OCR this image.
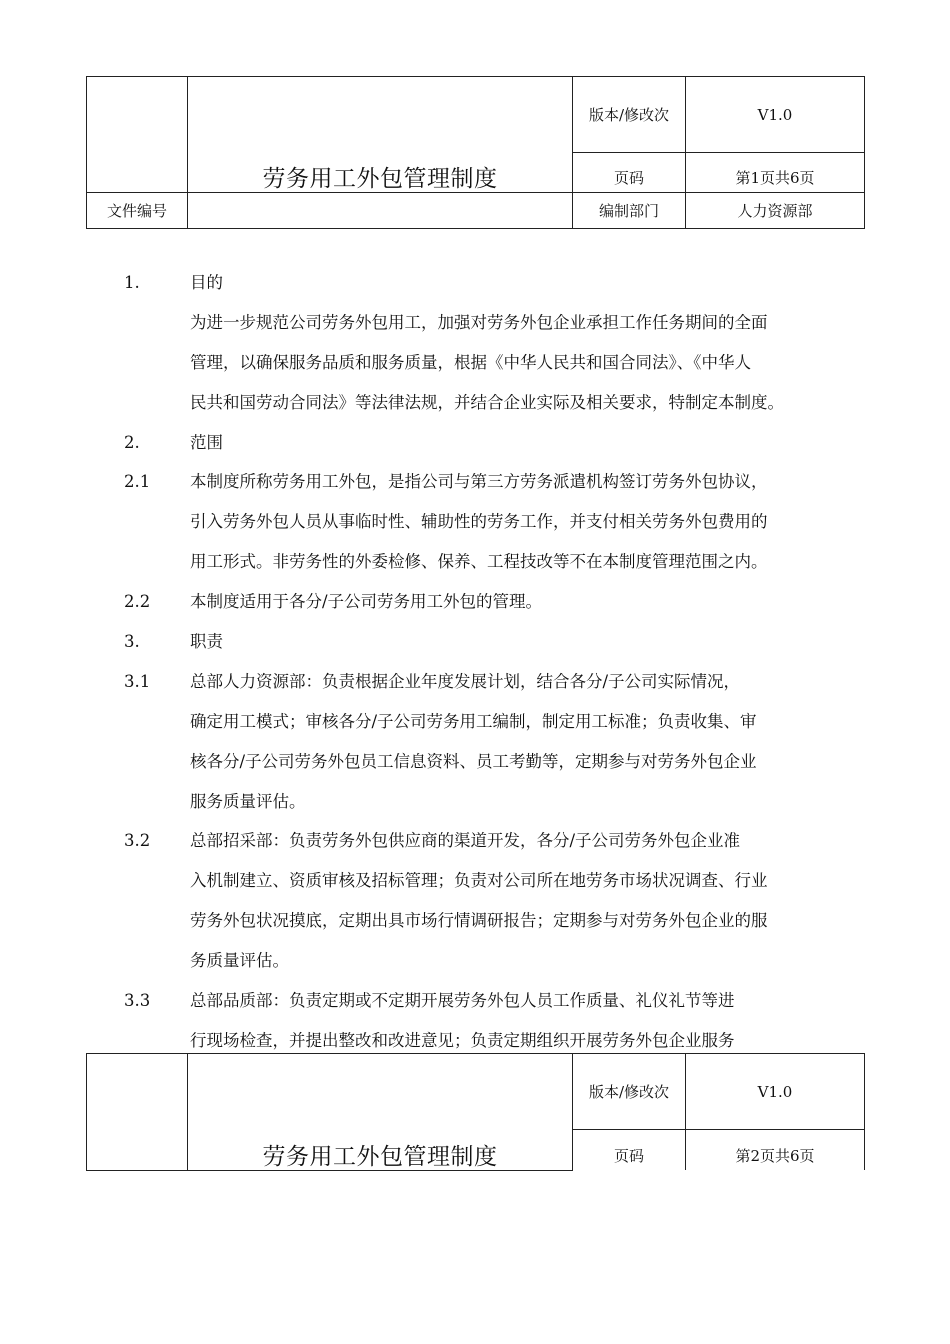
	劳务用工外包管理制度	版本/修改次	V1.0
		页码	第1页共6页
文件编号		编制部门	人力资源部
1.	目的
为进一步规范公司劳务外包用工，加强对劳务外包企业承担工作任务期间的全面
管理，以确保服务品质和服务质量，根据《中华人民共和国合同法》、《中华人
民共和国劳动合同法》等法律法规，并结合企业实际及相关要求，特制定本制度。
2.	范围
2.1 本制度所称劳务用工外包，是指公司与第三方劳务派遣机构签订劳务外包协议，
引入劳务外包人员从事临时性、辅助性的劳务工作，并支付相关劳务外包费用的
用工形式。非劳务性的外委检修、保养、工程技改等不在本制度管理范围之内。
2.2 本制度适用于各分/子公司劳务用工外包的管理。
3.	职责
3.1 总部人力资源部：负责根据企业年度发展计划，结合各分/子公司实际情况，
确定用工模式；审核各分/子公司劳务用工编制，制定用工标准；负责收集、审
核各分/子公司劳务外包员工信息资料、员工考勤等，定期参与对劳务外包企业
服务质量评估。
3.2 总部招采部：负责劳务外包供应商的渠道开发，各分/子公司劳务外包企业准
入机制建立、资质审核及招标管理；负责对公司所在地劳务市场状况调查、行业
劳务外包状况摸底，定期出具市场行情调研报告；定期参与对劳务外包企业的服
务质量评估。
3.3 总部品质部：负责定期或不定期开展劳务外包人员工作质量、礼仪礼节等进
行现场检查，并提出整改和改进意见；负责定期组织开展劳务外包企业服务

	劳务用工外包管理制度	版本/修改次	V1.0
		页码	第2页共6页
